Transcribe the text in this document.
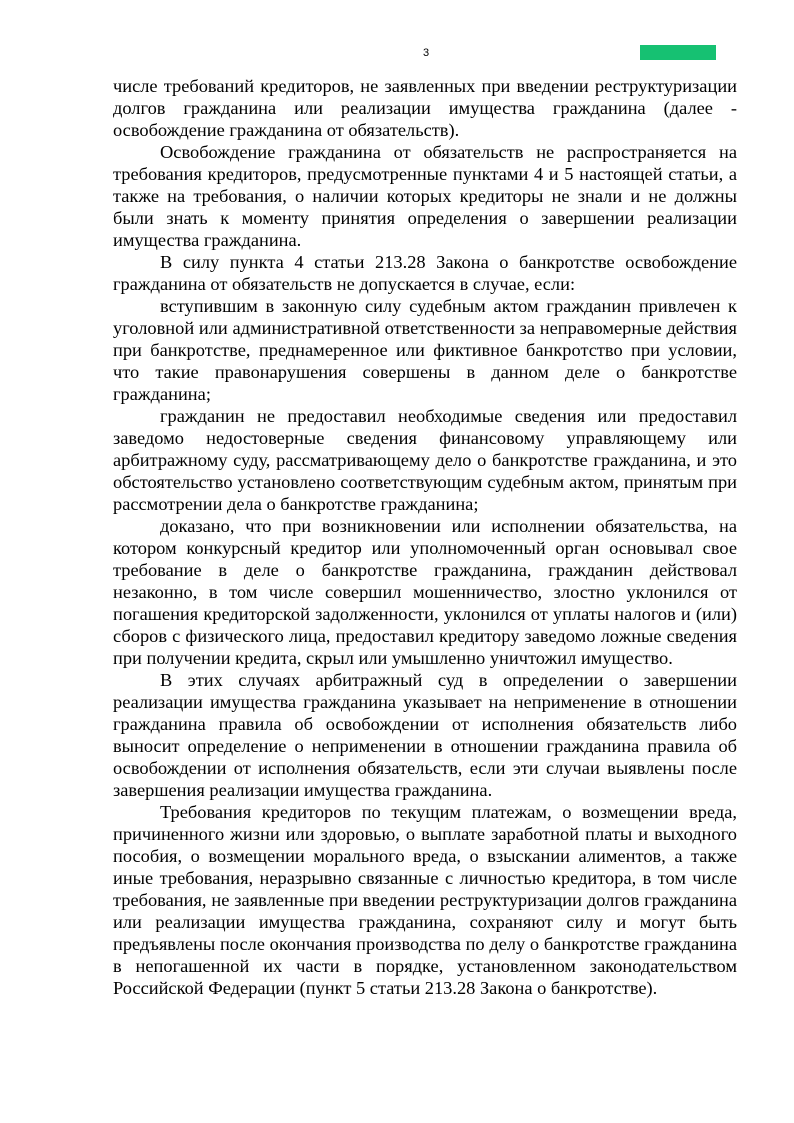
3

числе требований кредиторов, не заявленных при введении реструктуризации долгов гражданина или реализации имущества гражданина (далее - освобождение гражданина от обязательств).

Освобождение гражданина от обязательств не распространяется на требования кредиторов, предусмотренные пунктами 4 и 5 настоящей статьи, а также на требования, о наличии которых кредиторы не знали и не должны были знать к моменту принятия определения о завершении реализации имущества гражданина.

В силу пункта 4 статьи 213.28 Закона о банкротстве освобождение гражданина от обязательств не допускается в случае, если:

вступившим в законную силу судебным актом гражданин привлечен к уголовной или административной ответственности за неправомерные действия при банкротстве, преднамеренное или фиктивное банкротство при условии, что такие правонарушения совершены в данном деле о банкротстве гражданина;

гражданин не предоставил необходимые сведения или предоставил заведомо недостоверные сведения финансовому управляющему или арбитражному суду, рассматривающему дело о банкротстве гражданина, и это обстоятельство установлено соответствующим судебным актом, принятым при рассмотрении дела о банкротстве гражданина;

доказано, что при возникновении или исполнении обязательства, на котором конкурсный кредитор или уполномоченный орган основывал свое требование в деле о банкротстве гражданина, гражданин действовал незаконно, в том числе совершил мошенничество, злостно уклонился от погашения кредиторской задолженности, уклонился от уплаты налогов и (или) сборов с физического лица, предоставил кредитору заведомо ложные сведения при получении кредита, скрыл или умышленно уничтожил имущество.

В этих случаях арбитражный суд в определении о завершении реализации имущества гражданина указывает на неприменение в отношении гражданина правила об освобождении от исполнения обязательств либо выносит определение о неприменении в отношении гражданина правила об освобождении от исполнения обязательств, если эти случаи выявлены после завершения реализации имущества гражданина.

Требования кредиторов по текущим платежам, о возмещении вреда, причиненного жизни или здоровью, о выплате заработной платы и выходного пособия, о возмещении морального вреда, о взыскании алиментов, а также иные требования, неразрывно связанные с личностью кредитора, в том числе требования, не заявленные при введении реструктуризации долгов гражданина или реализации имущества гражданина, сохраняют силу и могут быть предъявлены после окончания производства по делу о банкротстве гражданина в непогашенной их части в порядке, установленном законодательством Российской Федерации (пункт 5 статьи 213.28 Закона о банкротстве).
